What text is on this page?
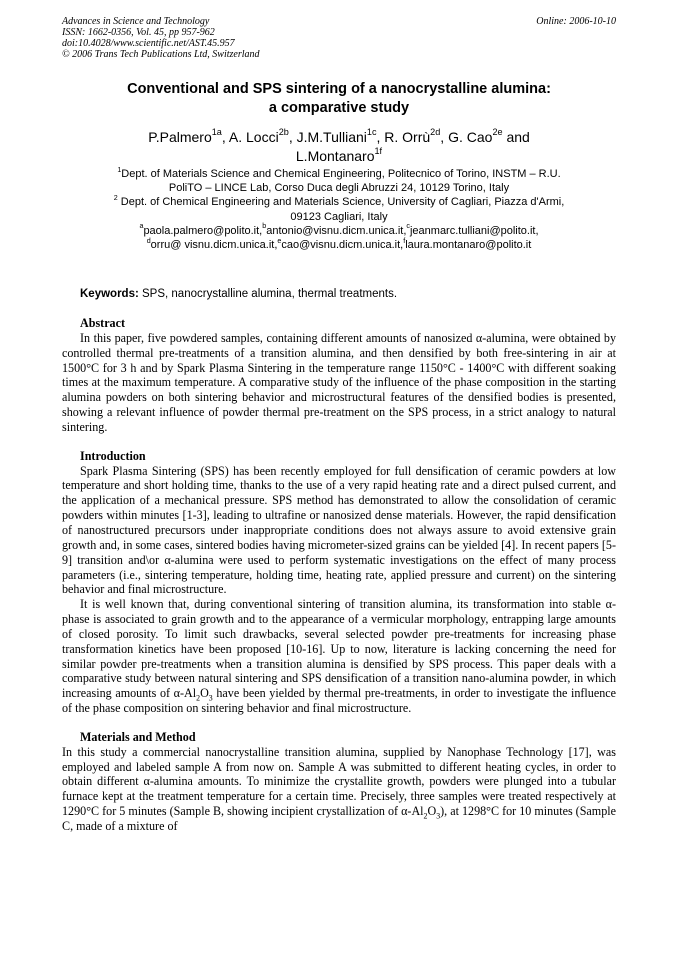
Advances in Science and Technology
ISSN: 1662-0356, Vol. 45, pp 957-962
doi:10.4028/www.scientific.net/AST.45.957
© 2006 Trans Tech Publications Ltd, Switzerland
Online: 2006-10-10
Conventional and SPS sintering of a nanocrystalline alumina:
a comparative study
P.Palmero$^{1a}$, A. Locci$^{2b}$, J.M.Tulliani$^{1c}$, R. Orrù$^{2d}$, G. Cao$^{2e}$ and
L.Montanaro$^{1f}$
$^1$Dept. of Materials Science and Chemical Engineering, Politecnico of Torino, INSTM – R.U.
PoliTO – LINCE Lab, Corso Duca degli Abruzzi 24, 10129 Torino, Italy
$^2$ Dept. of Chemical Engineering and Materials Science, University of Cagliari, Piazza d'Armi,
09123 Cagliari, Italy
$^a$paola.palmero@polito.it,$^b$antonio@visnu.dicm.unica.it,$^c$jeanmarc.tulliani@polito.it,
$^d$orru@ visnu.dicm.unica.it,$^e$cao@visnu.dicm.unica.it,$^f$laura.montanaro@polito.it
Keywords: SPS, nanocrystalline alumina, thermal treatments.
Abstract

In this paper, five powdered samples, containing different amounts of nanosized α-alumina, were obtained by controlled thermal pre-treatments of a transition alumina, and then densified by both free-sintering in air at 1500°C for 3 h and by Spark Plasma Sintering in the temperature range 1150°C - 1400°C with different soaking times at the maximum temperature. A comparative study of the influence of the phase composition in the starting alumina powders on both sintering behavior and microstructural features of the densified bodies is presented, showing a relevant influence of powder thermal pre-treatment on the SPS process, in a strict analogy to natural sintering.

Introduction

Spark Plasma Sintering (SPS) has been recently employed for full densification of ceramic powders at low temperature and short holding time, thanks to the use of a very rapid heating rate and a direct pulsed current, and the application of a mechanical pressure. SPS method has demonstrated to allow the consolidation of ceramic powders within minutes [1-3], leading to ultrafine or nanosized dense materials. However, the rapid densification of nanostructured precursors under inappropriate conditions does not always assure to avoid extensive grain growth and, in some cases, sintered bodies having micrometer-sized grains can be yielded [4]. In recent papers [5-9] transition and\or α-alumina were used to perform systematic investigations on the effect of many process parameters (i.e., sintering temperature, holding time, heating rate, applied pressure and current) on the sintering behavior and final microstructure.

It is well known that, during conventional sintering of transition alumina, its transformation into stable α-phase is associated to grain growth and to the appearance of a vermicular morphology, entrapping large amounts of closed porosity. To limit such drawbacks, several selected powder pre-treatments for increasing phase transformation kinetics have been proposed [10-16]. Up to now, literature is lacking concerning the need for similar powder pre-treatments when a transition alumina is densified by SPS process. This paper deals with a comparative study between natural sintering and SPS densification of a transition nano-alumina powder, in which increasing amounts of $\alpha-Al_2O_3$ have been yielded by thermal pre-treatments, in order to investigate the influence of the phase composition on sintering behavior and final microstructure.

Materials and Method

In this study a commercial nanocrystalline transition alumina, supplied by Nanophase Technology [17], was employed and labeled sample A from now on. Sample A was submitted to different heating cycles, in order to obtain different α-alumina amounts. To minimize the crystallite growth, powders were plunged into a tubular furnace kept at the treatment temperature for a certain time. Precisely, three samples were treated respectively at 1290°C for 5 minutes (Sample B, showing incipient crystallization of $\alpha-Al_2O_3$), at 1298°C for 10 minutes (Sample C, made of a mixture of
